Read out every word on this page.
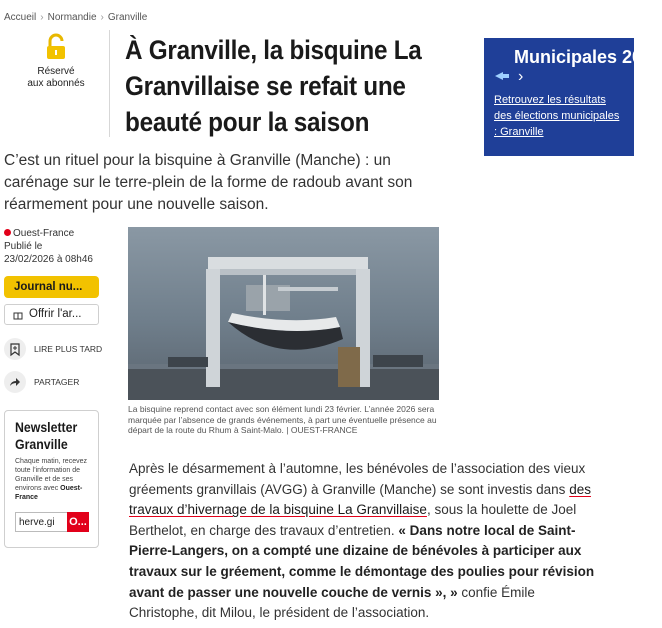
Accueil › Normandie › Granville
Réservé
aux abonnés
À Granville, la bisquine La Granvillaise se refait une beauté pour la saison
Municipales 2026›
Retrouvez les résultats des élections municipales : Granville

C’est un rituel pour la bisquine à Granville (Manche) : un carénage sur le terre-plein de la forme de radoub avant son réarmement pour une nouvelle saison.

Ouest-France
Publié le
23/02/2026 à 08h46
Journal nu...
Offrir l'ar...
LIRE PLUS TARD
PARTAGER
Newsletter
Granville
Chaque matin, recevez toute l’information de Granville et de ses environs avec Ouest-France
herve.gi
O...

La bisquine reprend contact avec son élément lundi 23 février. L’année 2026 sera marquée par l’absence de grands événements, à part une éventuelle présence au départ de la route du Rhum à Saint-Malo. | OUEST-FRANCE

Après le désarmement à l’automne, les bénévoles de l’association des vieux gréements granvillais (AVGG) à Granville (Manche) se sont investis dans des travaux d’hivernage de la bisquine La Granvillaise, sous la houlette de Joel Berthelot, en charge des travaux d’entretien. « Dans notre local de Saint-Pierre-Langers, on a compté une dizaine de bénévoles à participer aux travaux sur le gréement, comme le démontage des poulies pour révision avant de passer une nouvelle couche de vernis », » confie Émile Christophe, dit Milou, le président de l’association.
